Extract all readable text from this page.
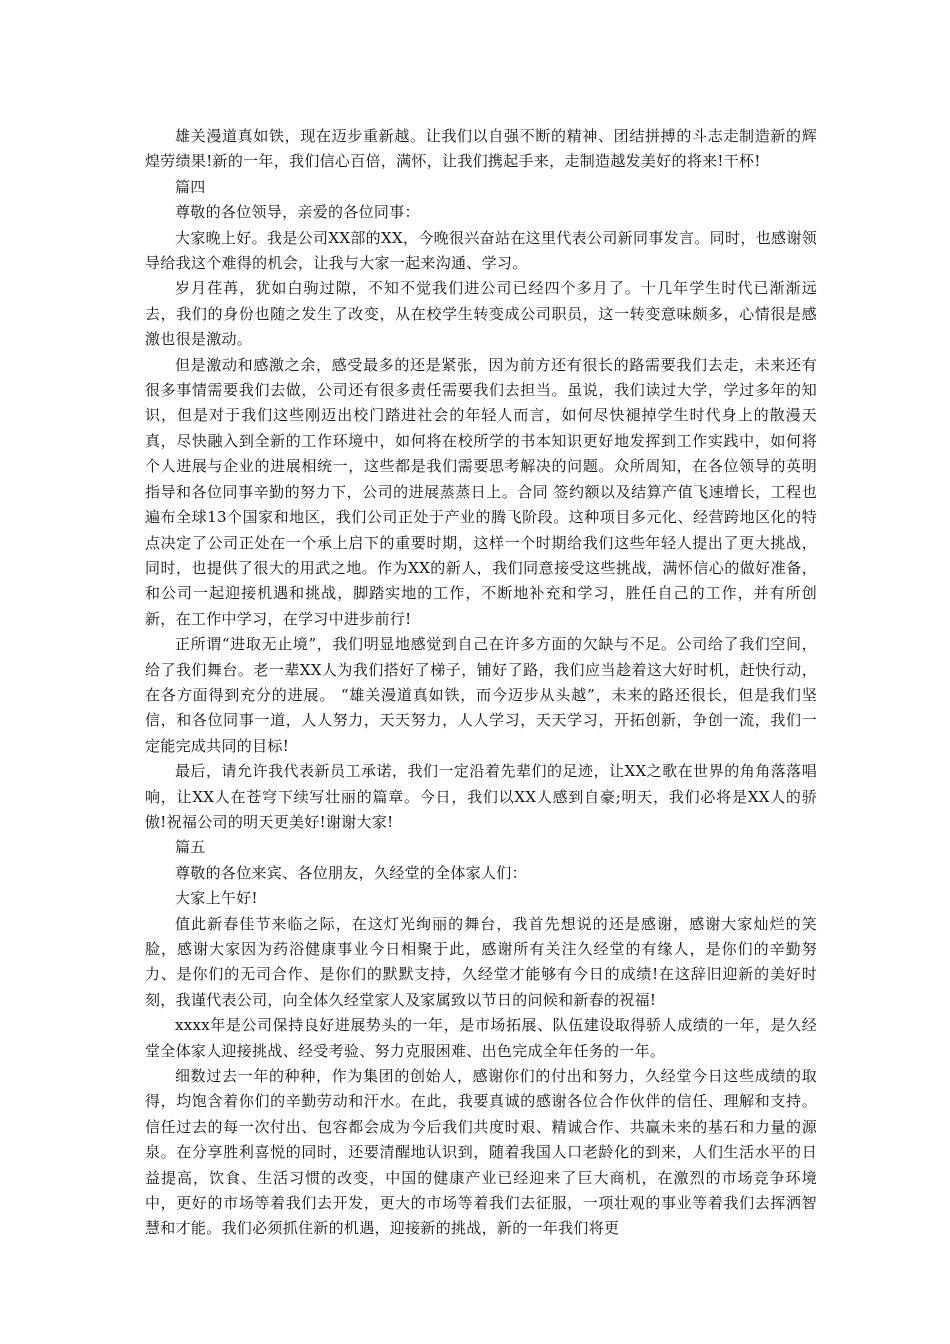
雄关漫道真如铁，现在迈步重新越。让我们以自强不断的精神、团结拼搏的斗志走制造新的辉煌劳绩果!新的一年，我们信心百倍，满怀，让我们携起手来，走制造越发美好的将来!干杯!

篇四

尊敬的各位领导，亲爱的各位同事：

大家晚上好。我是公司XX部的XX，今晚很兴奋站在这里代表公司新同事发言。同时，也感谢领导给我这个难得的机会，让我与大家一起来沟通、学习。

岁月荏苒，犹如白驹过隙，不知不觉我们进公司已经四个多月了。十几年学生时代已渐渐远去，我们的身份也随之发生了改变，从在校学生转变成公司职员，这一转变意味颇多，心情很是感激也很是激动。

但是激动和感激之余，感受最多的还是紧张，因为前方还有很长的路需要我们去走，未来还有很多事情需要我们去做，公司还有很多责任需要我们去担当。虽说，我们读过大学，学过多年的知识，但是对于我们这些刚迈出校门踏进社会的年轻人而言，如何尽快褪掉学生时代身上的散漫天真，尽快融入到全新的工作环境中，如何将在校所学的书本知识更好地发挥到工作实践中，如何将个人进展与企业的进展相统一，这些都是我们需要思考解决的问题。众所周知，在各位领导的英明指导和各位同事辛勤的努力下，公司的进展蒸蒸日上。合同 签约额以及结算产值飞速增长，工程也遍布全球13个国家和地区，我们公司正处于产业的腾飞阶段。这种项目多元化、经营跨地区化的特点决定了公司正处在一个承上启下的重要时期，这样一个时期给我们这些年轻人提出了更大挑战，同时，也提供了很大的用武之地。作为XX的新人，我们同意接受这些挑战，满怀信心的做好准备，和公司一起迎接机遇和挑战，脚踏实地的工作，不断地补充和学习，胜任自己的工作，并有所创新，在工作中学习，在学习中进步前行!

正所谓“进取无止境”，我们明显地感觉到自己在许多方面的欠缺与不足。公司给了我们空间，给了我们舞台。老一辈XX人为我们搭好了梯子，铺好了路，我们应当趁着这大好时机，赶快行动，在各方面得到充分的进展。 “雄关漫道真如铁，而今迈步从头越”，未来的路还很长，但是我们坚信，和各位同事一道，人人努力，天天努力，人人学习，天天学习，开拓创新，争创一流，我们一定能完成共同的目标!

最后，请允许我代表新员工承诺，我们一定沿着先辈们的足迹，让XX之歌在世界的角角落落唱响，让XX人在苍穹下续写壮丽的篇章。今日，我们以XX人感到自豪;明天，我们必将是XX人的骄傲!祝福公司的明天更美好!谢谢大家!

篇五

尊敬的各位来宾、各位朋友，久经堂的全体家人们：

大家上午好!

值此新春佳节来临之际，在这灯光绚丽的舞台，我首先想说的还是感谢，感谢大家灿烂的笑脸，感谢大家因为药浴健康事业今日相聚于此，感谢所有关注久经堂的有缘人，是你们的辛勤努力、是你们的无司合作、是你们的默默支持，久经堂才能够有今日的成绩!在这辞旧迎新的美好时刻，我谨代表公司，向全体久经堂家人及家属致以节日的问候和新春的祝福!

xxxx年是公司保持良好进展势头的一年，是市场拓展、队伍建设取得骄人成绩的一年，是久经堂全体家人迎接挑战、经受考验、努力克服困难、出色完成全年任务的一年。

细数过去一年的种种，作为集团的创始人，感谢你们的付出和努力，久经堂今日这些成绩的取得，均饱含着你们的辛勤劳动和汗水。在此，我要真诚的感谢各位合作伙伴的信任、理解和支持。信任过去的每一次付出、包容都会成为今后我们共度时艰、精诚合作、共赢未来的基石和力量的源泉。在分享胜利喜悦的同时，还要清醒地认识到，随着我国人口老龄化的到来，人们生活水平的日益提高，饮食、生活习惯的改变，中国的健康产业已经迎来了巨大商机，在激烈的市场竞争环境中，更好的市场等着我们去开发，更大的市场等着我们去征服，一项壮观的事业等着我们去挥洒智慧和才能。我们必须抓住新的机遇，迎接新的挑战，新的一年我们将更
